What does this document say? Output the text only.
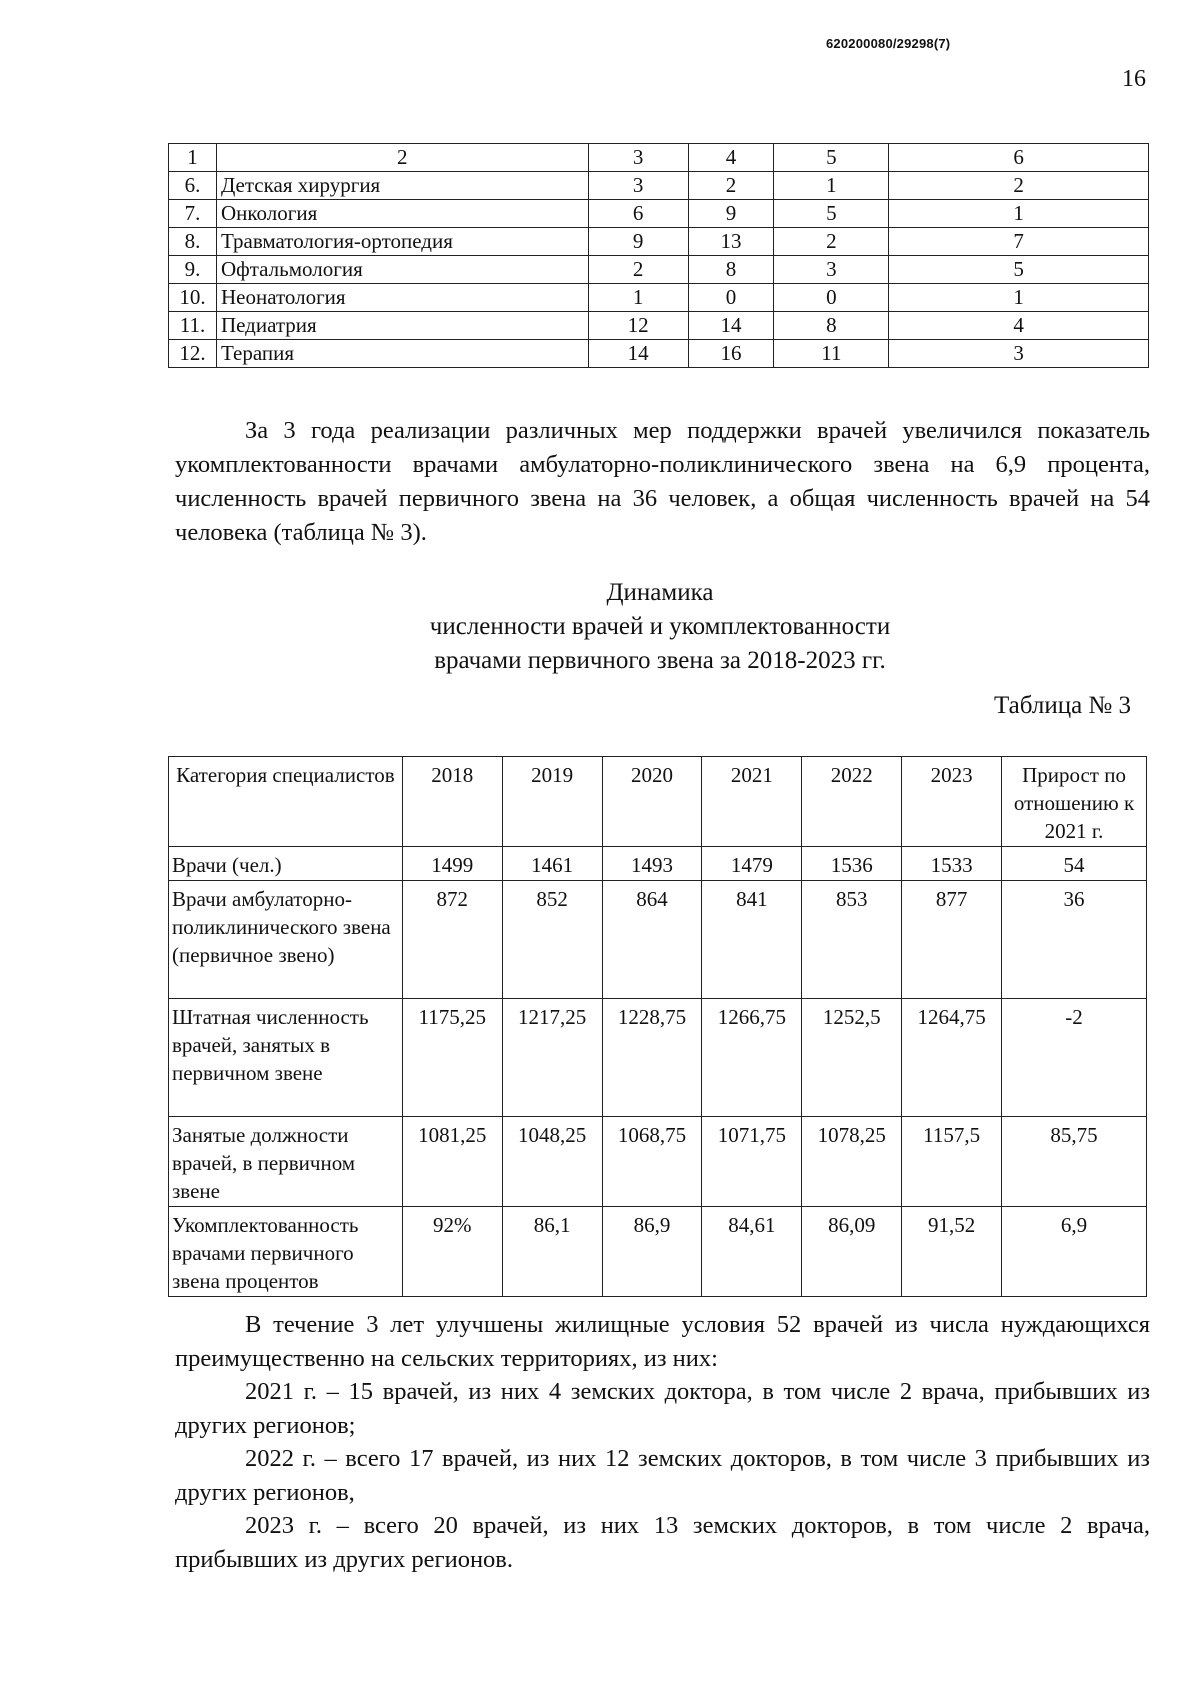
620200080/29298(7)
16
1	2	3	4	5	6
6.	Детская хирургия	3	2	1	2
7.	Онкология	6	9	5	1
8.	Травматология-ортопедия	9	13	2	7
9.	Офтальмология	2	8	3	5
10.	Неонатология	1	0	0	1
11.	Педиатрия	12	14	8	4
12.	Терапия	14	16	11	3
За 3 года реализации различных мер поддержки врачей увеличился показатель укомплектованности врачами амбулаторно-поликлинического звена на 6,9 процента, численность врачей первичного звена на 36 человек, а общая численность врачей на 54 человека (таблица № 3).
Динамика
численности врачей и укомплектованности
врачами первичного звена за 2018-2023 гг.
Таблица № 3
Категория специалистов	2018	2019	2020	2021	2022	2023	Прирост по отношению к 2021 г.
Врачи (чел.)	1499	1461	1493	1479	1536	1533	54
Врачи амбулаторно-поликлинического звена (первичное звено)	872	852	864	841	853	877	36
Штатная численность врачей, занятых в первичном звене	1175,25	1217,25	1228,75	1266,75	1252,5	1264,75	-2
Занятые должности врачей, в первичном звене	1081,25	1048,25	1068,75	1071,75	1078,25	1157,5	85,75
Укомплектованность врачами первичного звена процентов	92%	86,1	86,9	84,61	86,09	91,52	6,9

В течение 3 лет улучшены жилищные условия 52 врачей из числа нуждающихся преимущественно на сельских территориях, из них:

2021 г. – 15 врачей, из них 4 земских доктора, в том числе 2 врача, прибывших из других регионов;

2022 г. – всего 17 врачей, из них 12 земских докторов, в том числе 3 прибывших из других регионов,

2023 г. – всего 20 врачей, из них 13 земских докторов, в том числе 2 врача, прибывших из других регионов.
